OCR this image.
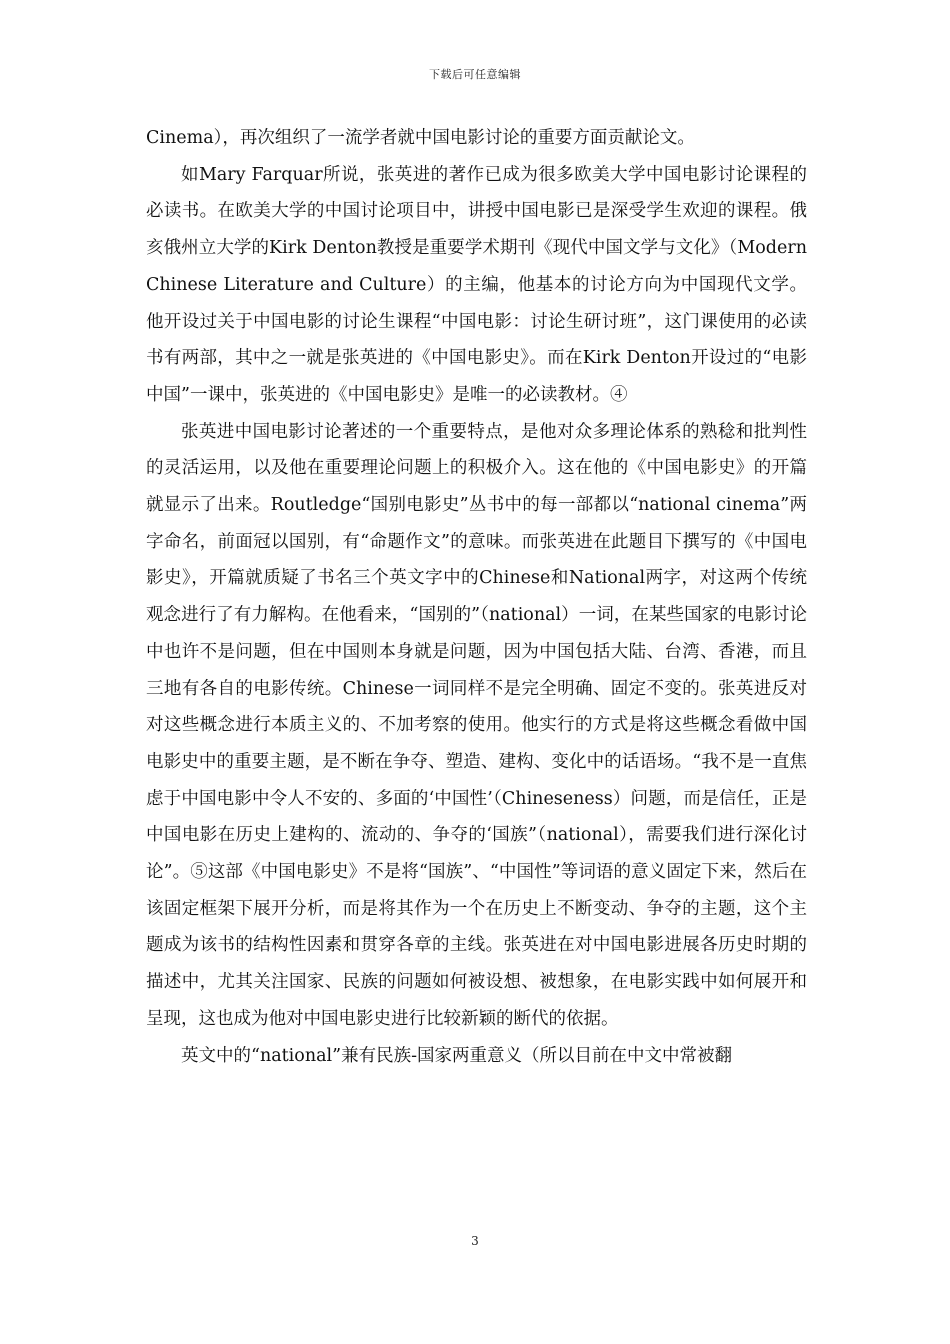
下载后可任意编辑

Cinema），再次组织了一流学者就中国电影讨论的重要方面贡献论文。

如Mary Farquar所说，张英进的著作已成为很多欧美大学中国电影讨论课程的必读书。在欧美大学的中国讨论项目中，讲授中国电影已是深受学生欢迎的课程。俄亥俄州立大学的Kirk Denton教授是重要学术期刊《现代中国文学与文化》（Modern Chinese Literature and Culture）的主编，他基本的讨论方向为中国现代文学。他开设过关于中国电影的讨论生课程“中国电影：讨论生研讨班”，这门课使用的必读书有两部，其中之一就是张英进的《中国电影史》。而在Kirk Denton开设过的“电影中国”一课中，张英进的《中国电影史》是唯一的必读教材。④

张英进中国电影讨论著述的一个重要特点，是他对众多理论体系的熟稔和批判性的灵活运用，以及他在重要理论问题上的积极介入。这在他的《中国电影史》的开篇就显示了出来。Routledge“国别电影史”丛书中的每一部都以“national cinema”两字命名，前面冠以国别，有“命题作文”的意味。而张英进在此题目下撰写的《中国电影史》，开篇就质疑了书名三个英文字中的Chinese和National两字，对这两个传统观念进行了有力解构。在他看来，“国别的”（national）一词，在某些国家的电影讨论中也许不是问题，但在中国则本身就是问题，因为中国包括大陆、台湾、香港，而且三地有各自的电影传统。Chinese一词同样不是完全明确、固定不变的。张英进反对对这些概念进行本质主义的、不加考察的使用。他实行的方式是将这些概念看做中国电影史中的重要主题，是不断在争夺、塑造、建构、变化中的话语场。“我不是一直焦虑于中国电影中令人不安的、多面的‘中国性’（Chineseness）问题，而是信任，正是中国电影在历史上建构的、流动的、争夺的‘国族”（national），需要我们进行深化讨论”。⑤这部《中国电影史》不是将“国族”、“中国性”等词语的意义固定下来，然后在该固定框架下展开分析，而是将其作为一个在历史上不断变动、争夺的主题，这个主题成为该书的结构性因素和贯穿各章的主线。张英进在对中国电影进展各历史时期的描述中，尤其关注国家、民族的问题如何被设想、被想象，在电影实践中如何展开和呈现，这也成为他对中国电影史进行比较新颖的断代的依据。

英文中的“national”兼有民族-国家两重意义（所以目前在中文中常被翻

3
